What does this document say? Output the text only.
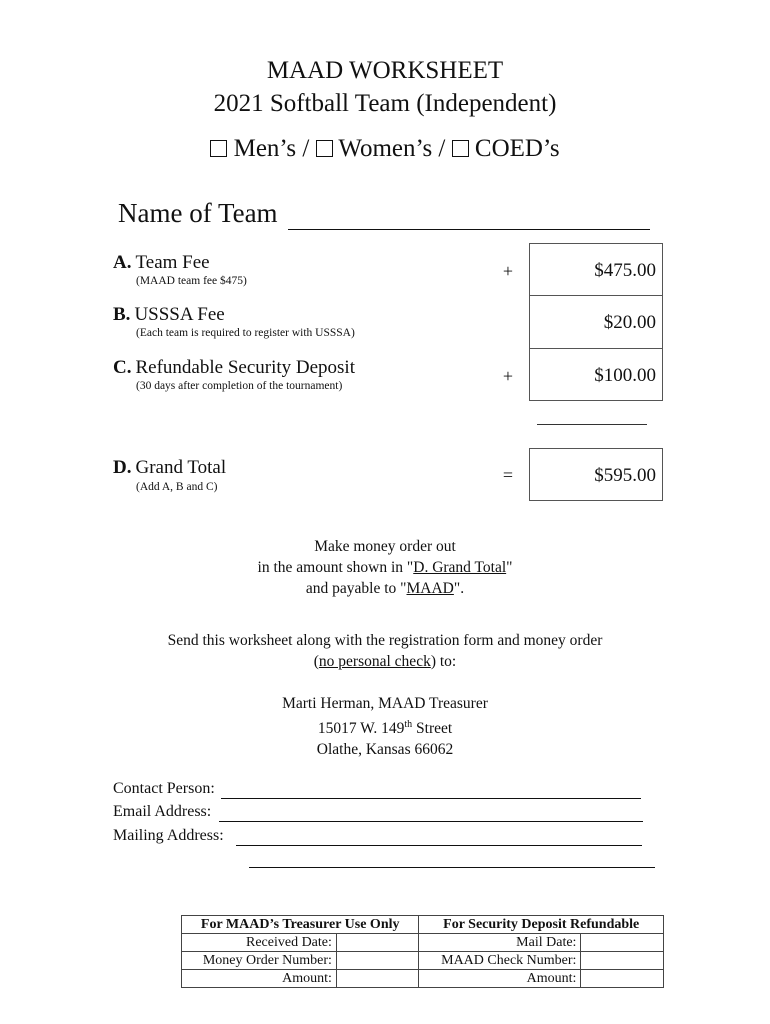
MAAD WORKSHEET
2021 Softball Team (Independent)
Men’s / Women’s / COED’s
Name of Team
A. Team Fee
(MAAD team fee $475)	+	$475.00
B. USSSA Fee
(Each team is required to register with USSSA)	$20.00
C. Refundable Security Deposit
(30 days after completion of the tournament)	+	$100.00
D. Grand Total
(Add A, B and C)
=	$595.00
Make money order out
in the amount shown in "D. Grand Total"
and payable to "MAAD".
Send this worksheet along with the registration form and money order
(no personal check) to:
Marti Herman, MAAD Treasurer
15017 W. 149th Street
Olathe, Kansas 66062
Contact Person:
Email Address:
Mailing Address:
For MAAD’s Treasurer Use Only		For Security Deposit Refundable	
Received Date:		Mail Date:	
Money Order Number:		MAAD Check Number:	
Amount:		Amount:	
